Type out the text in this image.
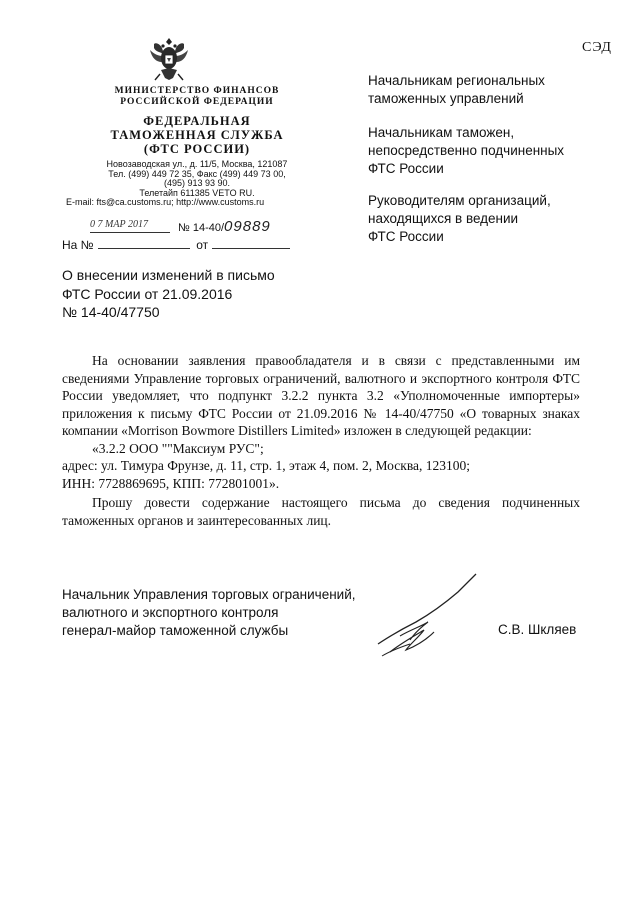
СЭД
МИНИСТЕРСТВО ФИНАНСОВ
РОССИЙСКОЙ ФЕДЕРАЦИИ
ФЕДЕРАЛЬНАЯ
ТАМОЖЕННАЯ СЛУЖБА
(ФТС РОССИИ)
Новозаводская ул., д. 11/5, Москва, 121087
Тел. (499) 449 72 35, Факс (499) 449 73 00,
(495) 913 93 90.
Телетайп 611385 VETO RU.
E-mail: fts@ca.customs.ru; http://www.customs.ru
0 7 МАР 2017	№ 14-40/09889
На №	от
Начальникам региональных
таможенных управлений
Начальникам таможен,
непосредственно подчиненных
ФТС России
Руководителям организаций,
находящихся в ведении
ФТС России
О внесении изменений в письмо
ФТС России от 21.09.2016
№ 14-40/47750

На основании заявления правообладателя и в связи с представленными им сведениями Управление торговых ограничений, валютного и экспортного контроля ФТС России уведомляет, что подпункт 3.2.2 пункта 3.2 «Уполномоченные импортеры» приложения к письму ФТС России от 21.09.2016 № 14-40/47750 «О товарных знаках компании «Morrison Bowmore Distillers Limited» изложен в следующей редакции:

«3.2.2 ООО ""Максиум РУС";

адрес: ул. Тимура Фрунзе, д. 11, стр. 1, этаж 4, пом. 2, Москва, 123100;

ИНН: 7728869695, КПП: 772801001».

Прошу довести содержание настоящего письма до сведения подчиненных таможенных органов и заинтересованных лиц.

Начальник Управления торговых ограничений,
валютного и экспортного контроля
генерал-майор таможенной службы	С.В. Шкляев
